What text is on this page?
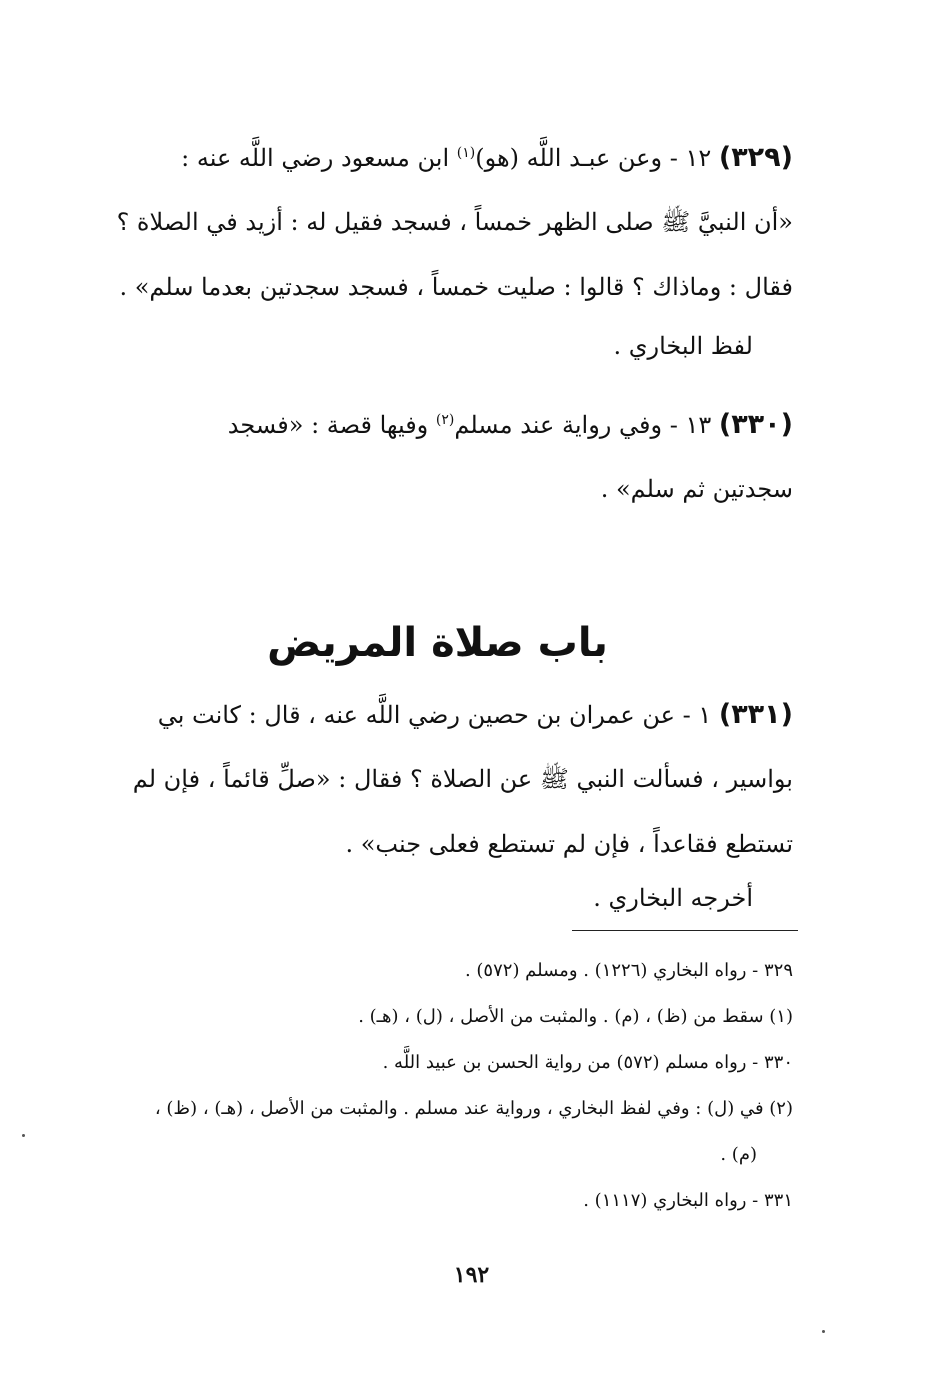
(٣٢٩) ١٢ - وعن عبـد اللَّه (هو)$^{(١)}$ ابن مسعود رضي اللَّه عنه :
«أن النبيَّ ﷺ صلى الظهر خمساً ، فسجد فقيل له : أزيد في الصلاة ؟
فقال : وماذاك ؟ قالوا : صليت خمساً ، فسجد سجدتين بعدما سلم» .
لفظ البخاري .
(٣٣٠) ١٣ - وفي رواية عند مسلم$^{(٢)}$ وفيها قصة : «فسجد
سجدتين ثم سلم» .
باب صلاة المريض
(٣٣١) ١ - عن عمران بن حصين رضي اللَّه عنه ، قال : كانت بي
بواسير ، فسألت النبي ﷺ عن الصلاة ؟ فقال : «صلِّ قائماً ، فإن لم
تستطع فقاعداً ، فإن لم تستطع فعلى جنب» .
أخرجه البخاري .
٣٢٩ - رواه البخاري (١٢٢٦) . ومسلم (٥٧٢) .
(١) سقط من (ظ) ، (م) . والمثبت من الأصل ، (ل) ، (هـ) .
٣٣٠ - رواه مسلم (٥٧٢) من رواية الحسن بن عبيد اللَّه .
(٢) في (ل) : وفي لفظ البخاري ، ورواية عند مسلم . والمثبت من الأصل ، (هـ) ، (ظ) ،
(م) .
٣٣١ - رواه البخاري (١١١٧) .
١٩٢
